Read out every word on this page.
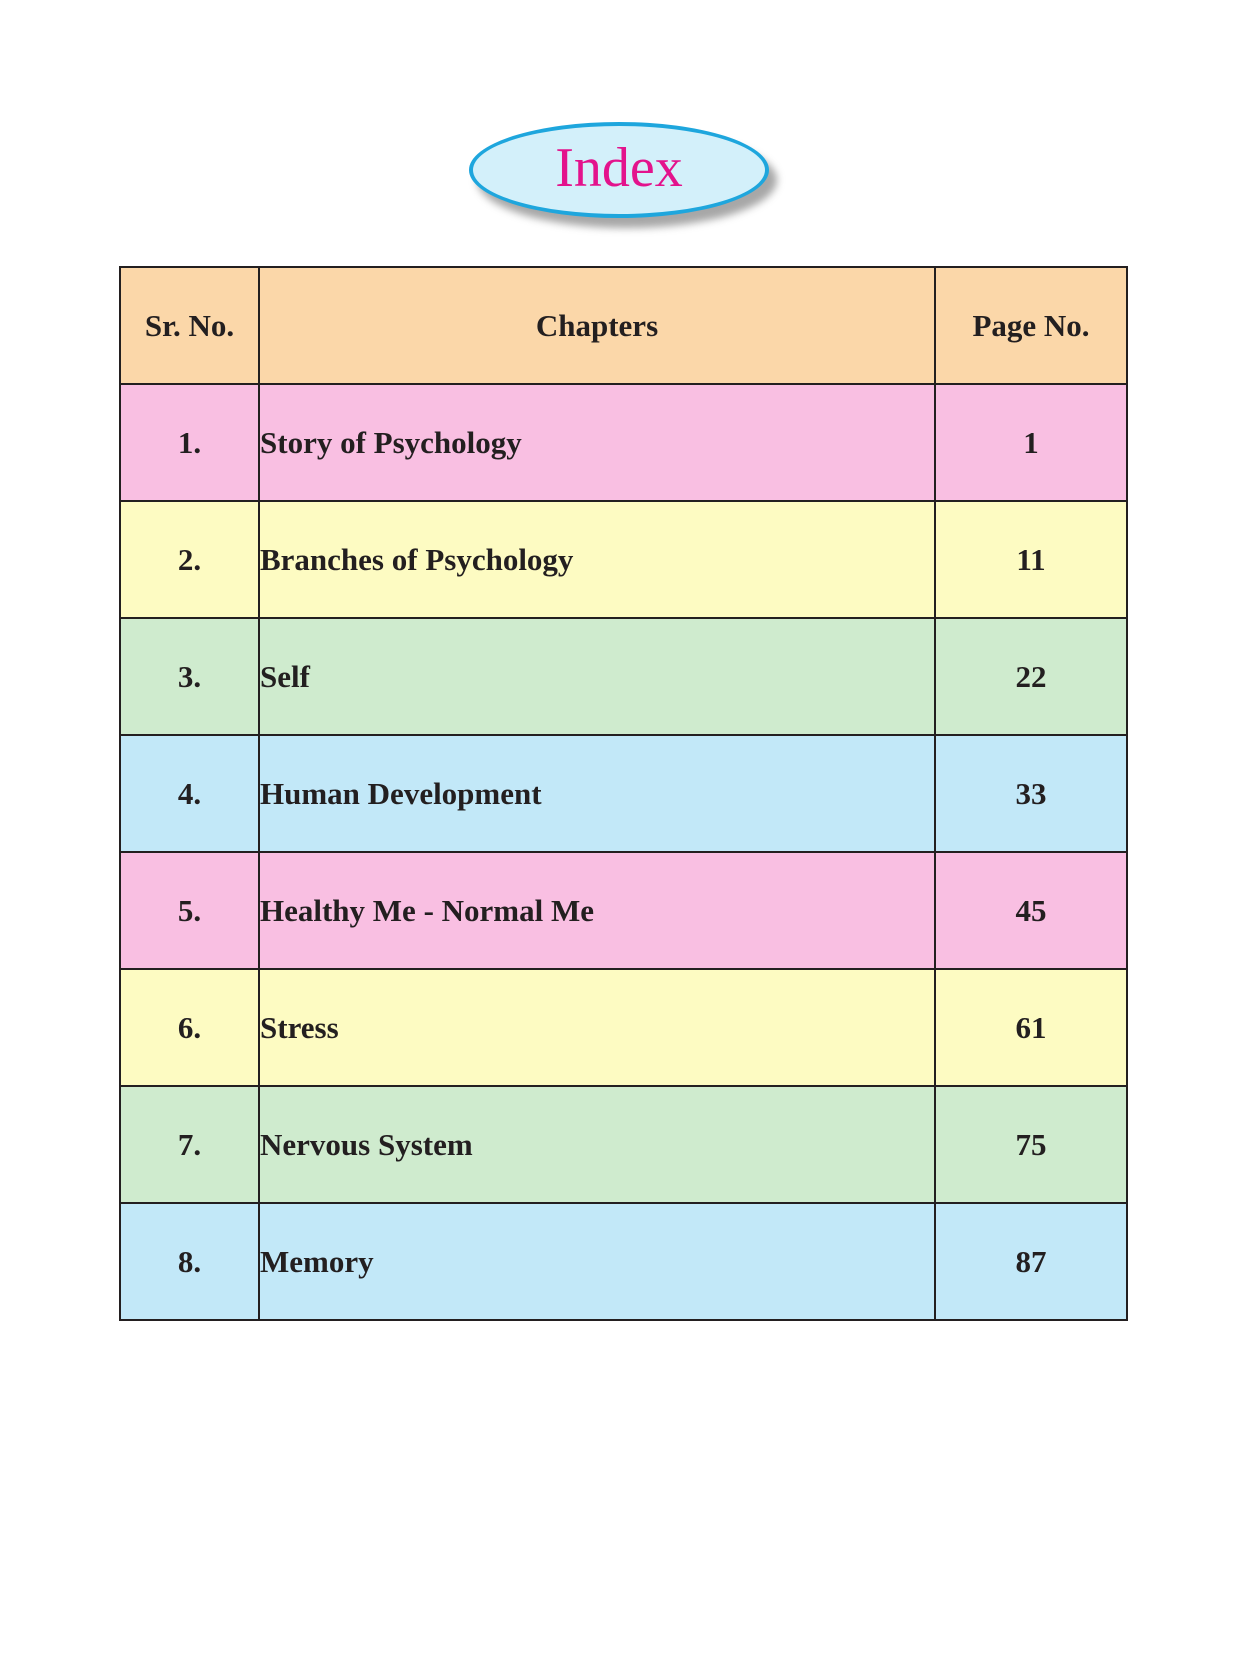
Index
Sr. No.	Chapters	Page No.
1.	Story of Psychology	1
2.	Branches of Psychology	11
3.	Self	22
4.	Human Development	33
5.	Healthy Me - Normal Me	45
6.	Stress	61
7.	Nervous System	75
8.	Memory	87
